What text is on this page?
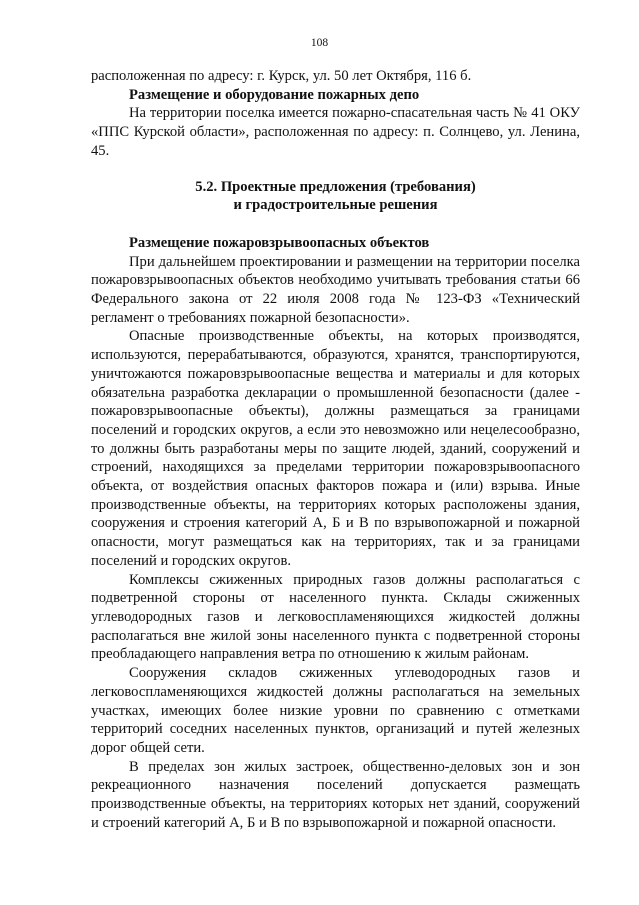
108

расположенная по адресу: г. Курск, ул. 50 лет Октября, 116 б.

Размещение и оборудование пожарных депо

На территории поселка имеется пожарно-спасательная часть № 41 ОКУ «ППС Курской области», расположенная по адресу: п. Солнцево, ул. Ленина, 45.

5.2. Проектные предложения (требования)
и градостроительные решения

Размещение пожаровзрывоопасных объектов

При дальнейшем проектировании и размещении на территории поселка пожаровзрывоопасных объектов необходимо учитывать требования статьи 66 Федерального закона от 22 июля 2008 года № 123-ФЗ «Технический регламент о требованиях пожарной безопасности».

Опасные производственные объекты, на которых производятся, используются, перерабатываются, образуются, хранятся, транспортируются, уничтожаются пожаровзрывоопасные вещества и материалы и для которых обязательна разработка декларации о промышленной безопасности (далее - пожаровзрывоопасные объекты), должны размещаться за границами поселений и городских округов, а если это невозможно или нецелесообразно, то должны быть разработаны меры по защите людей, зданий, сооружений и строений, находящихся за пределами территории пожаровзрывоопасного объекта, от воздействия опасных факторов пожара и (или) взрыва. Иные производственные объекты, на территориях которых расположены здания, сооружения и строения категорий А, Б и В по взрывопожарной и пожарной опасности, могут размещаться как на территориях, так и за границами поселений и городских округов.

Комплексы сжиженных природных газов должны располагаться с подветренной стороны от населенного пункта. Склады сжиженных углеводородных газов и легковоспламеняющихся жидкостей должны располагаться вне жилой зоны населенного пункта с подветренной стороны преобладающего направления ветра по отношению к жилым районам.

Сооружения складов сжиженных углеводородных газов и легковоспламеняющихся жидкостей должны располагаться на земельных участках, имеющих более низкие уровни по сравнению с отметками территорий соседних населенных пунктов, организаций и путей железных дорог общей сети.

В пределах зон жилых застроек, общественно-деловых зон и зон рекреационного назначения поселений допускается размещать производственные объекты, на территориях которых нет зданий, сооружений и строений категорий А, Б и В по взрывопожарной и пожарной опасности.
